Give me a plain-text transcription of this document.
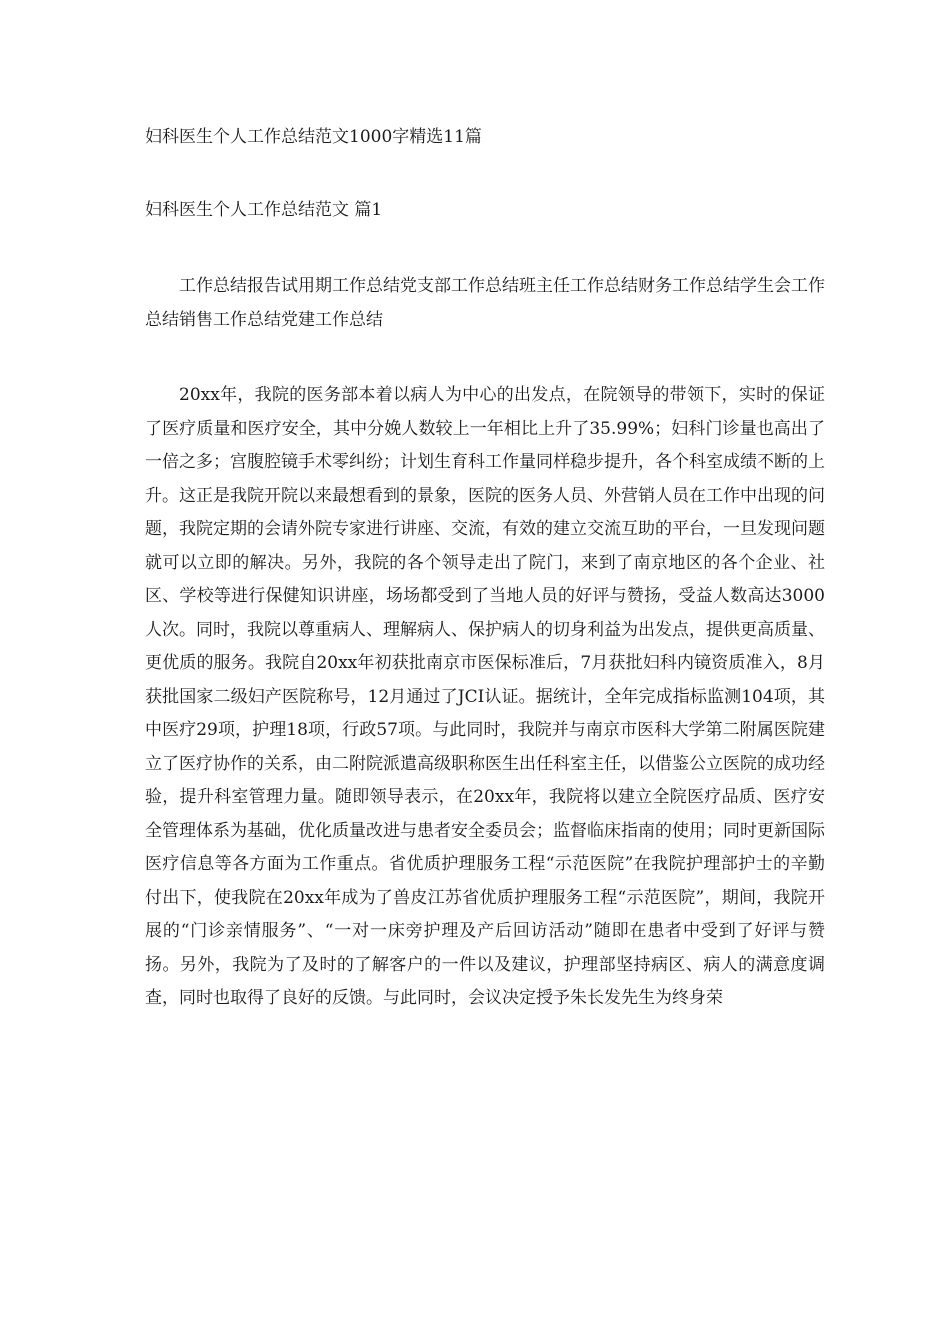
妇科医生个人工作总结范文1000字精选11篇
妇科医生个人工作总结范文 篇1

工作总结报告试用期工作总结党支部工作总结班主任工作总结财务工作总结学生会工作总结销售工作总结党建工作总结

20xx年，我院的医务部本着以病人为中心的出发点，在院领导的带领下，实时的保证了医疗质量和医疗安全，其中分娩人数较上一年相比上升了35.99%；妇科门诊量也高出了一倍之多；宫腹腔镜手术零纠纷；计划生育科工作量同样稳步提升，各个科室成绩不断的上升。这正是我院开院以来最想看到的景象，医院的医务人员、外营销人员在工作中出现的问题，我院定期的会请外院专家进行讲座、交流，有效的建立交流互助的平台，一旦发现问题就可以立即的解决。另外，我院的各个领导走出了院门，来到了南京地区的各个企业、社区、学校等进行保健知识讲座，场场都受到了当地人员的好评与赞扬，受益人数高达3000人次。同时，我院以尊重病人、理解病人、保护病人的切身利益为出发点，提供更高质量、更优质的服务。我院自20xx年初获批南京市医保标准后，7月获批妇科内镜资质准入，8月获批国家二级妇产医院称号，12月通过了JCI认证。据统计，全年完成指标监测104项，其中医疗29项，护理18项，行政57项。与此同时，我院并与南京市医科大学第二附属医院建立了医疗协作的关系，由二附院派遣高级职称医生出任科室主任，以借鉴公立医院的成功经验，提升科室管理力量。随即领导表示，在20xx年，我院将以建立全院医疗品质、医疗安全管理体系为基础，优化质量改进与患者安全委员会；监督临床指南的使用；同时更新国际医疗信息等各方面为工作重点。省优质护理服务工程“示范医院”在我院护理部护士的辛勤付出下，使我院在20xx年成为了兽皮江苏省优质护理服务工程“示范医院”，期间，我院开展的“门诊亲情服务”、“一对一床旁护理及产后回访活动”随即在患者中受到了好评与赞扬。另外，我院为了及时的了解客户的一件以及建议，护理部坚持病区、病人的满意度调查，同时也取得了良好的反馈。与此同时，会议决定授予朱长发先生为终身荣
